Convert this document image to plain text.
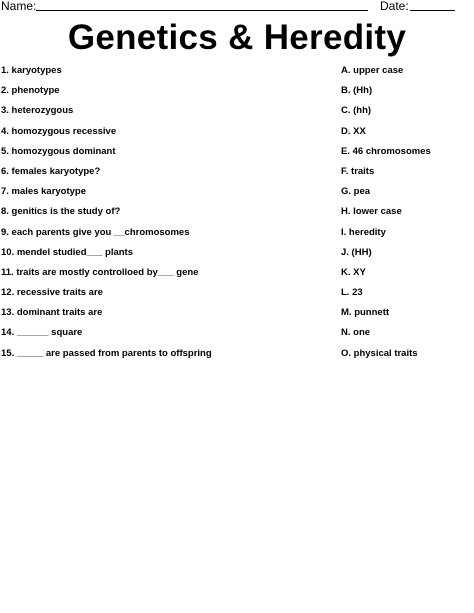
Name:	Date:
Genetics & Heredity
1. karyotypes	A. upper case
2. phenotype	B. (Hh)
3. heterozygous	C. (hh)
4. homozygous recessive	D. XX
5. homozygous dominant	E. 46 chromosomes
6. females karyotype?	F. traits
7. males karyotype	G. pea
8. genitics is the study of?	H. lower case
9. each parents give you __chromosomes	I. heredity
10. mendel studied___ plants	J. (HH)
11. traits are mostly controlloed by___ gene	K. XY
12. recessive traits are	L. 23
13. dominant traits are	M. punnett
14. ______ square	N. one
15. _____ are passed from parents to offspring	O. physical traits
